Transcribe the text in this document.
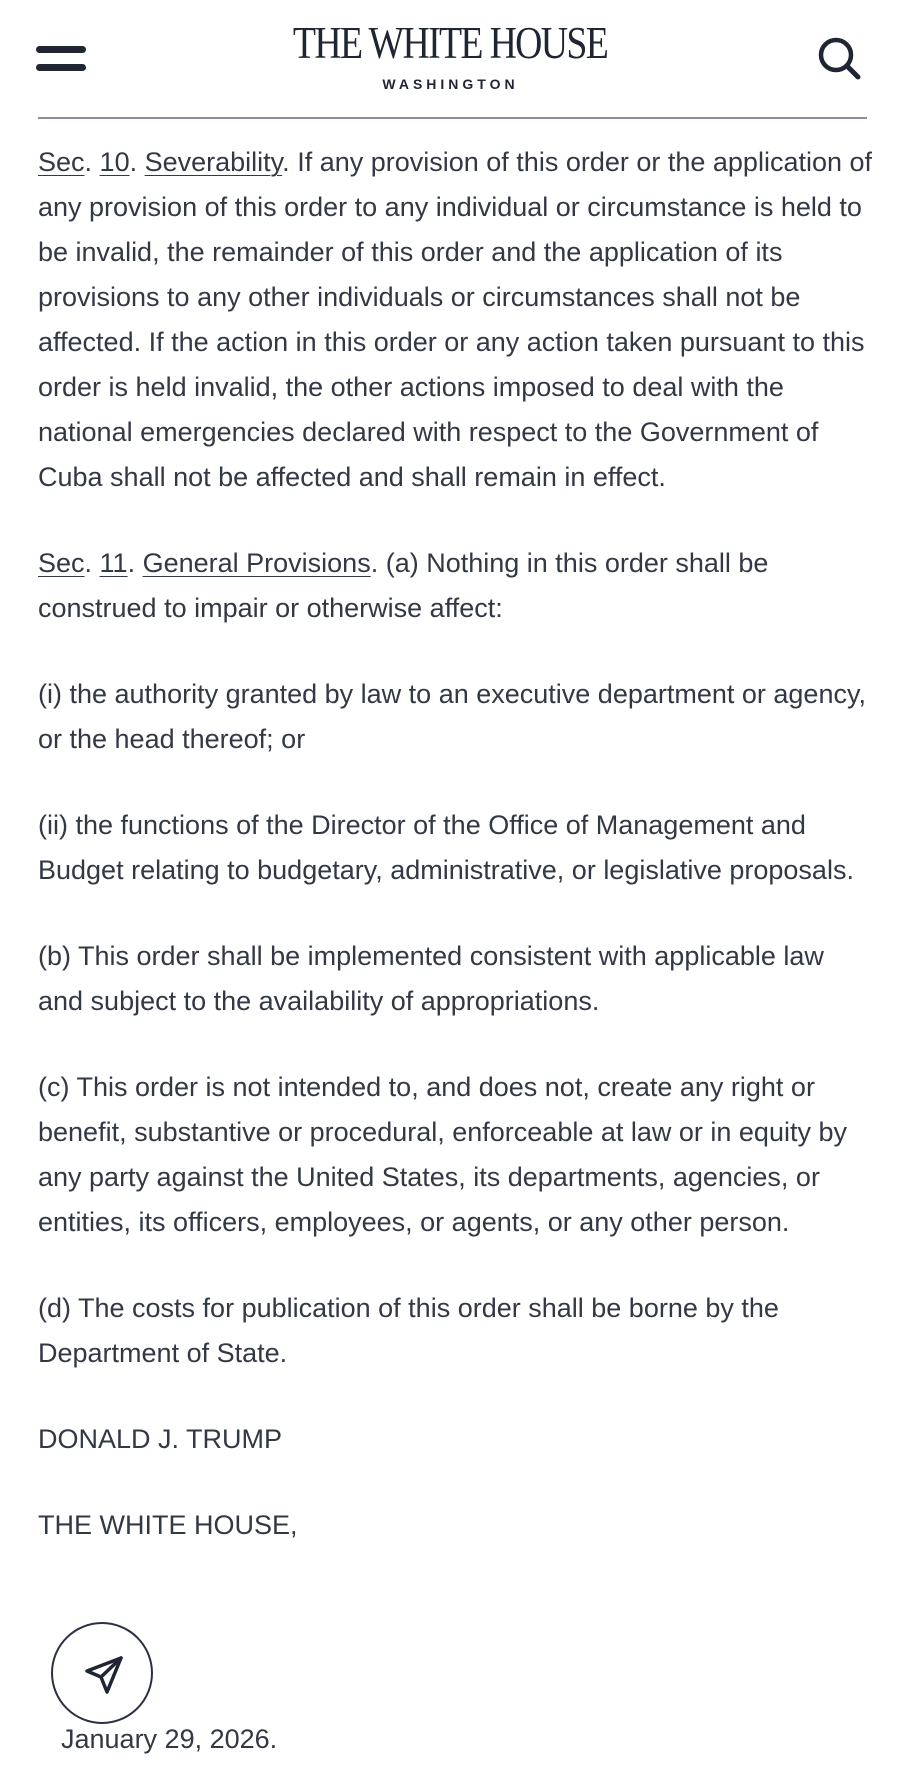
THE WHITE HOUSE
WASHINGTON

Sec. 10. Severability. If any provision of this order or the application of any provision of this order to any individual or circumstance is held to be invalid, the remainder of this order and the application of its provisions to any other individuals or circumstances shall not be affected. If the action in this order or any action taken pursuant to this order is held invalid, the other actions imposed to deal with the national emergencies declared with respect to the Government of Cuba shall not be affected and shall remain in effect.

Sec. 11. General Provisions. (a) Nothing in this order shall be construed to impair or otherwise affect:

(i) the authority granted by law to an executive department or agency, or the head thereof; or

(ii) the functions of the Director of the Office of Management and Budget relating to budgetary, administrative, or legislative proposals.

(b) This order shall be implemented consistent with applicable law and subject to the availability of appropriations.

(c) This order is not intended to, and does not, create any right or benefit, substantive or procedural, enforceable at law or in equity by any party against the United States, its departments, agencies, or entities, its officers, employees, or agents, or any other person.

(d) The costs for publication of this order shall be borne by the Department of State.

DONALD J. TRUMP
THE WHITE HOUSE,
January 29, 2026.
